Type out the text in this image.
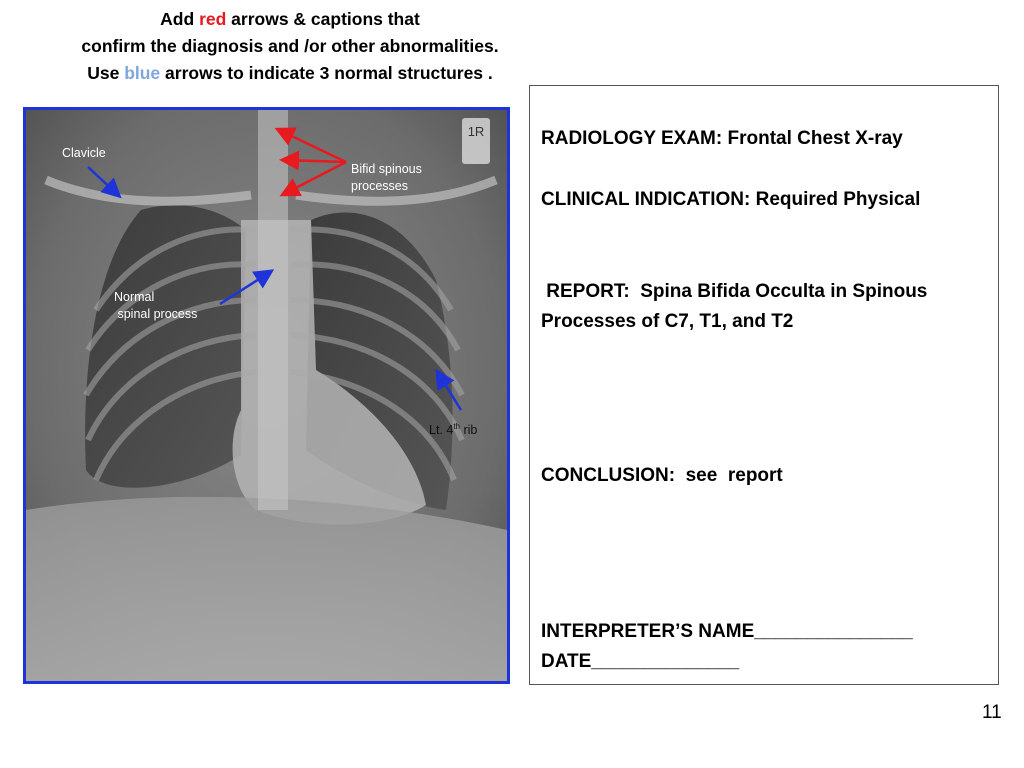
Add red arrows & captions that
confirm the diagnosis and /or other abnormalities.
Use blue arrows to indicate 3 normal structures .
1R
Clavicle
Bifid spinous
processes
Normal
spinal process
Lt. 4th rib
RADIOLOGY EXAM: Frontal Chest X-ray
CLINICAL INDICATION: Required Physical
REPORT:  Spina Bifida Occulta in Spinous
Processes of C7, T1, and T2
CONCLUSION:  see  report
INTERPRETER’S NAME_______________
DATE______________
11
